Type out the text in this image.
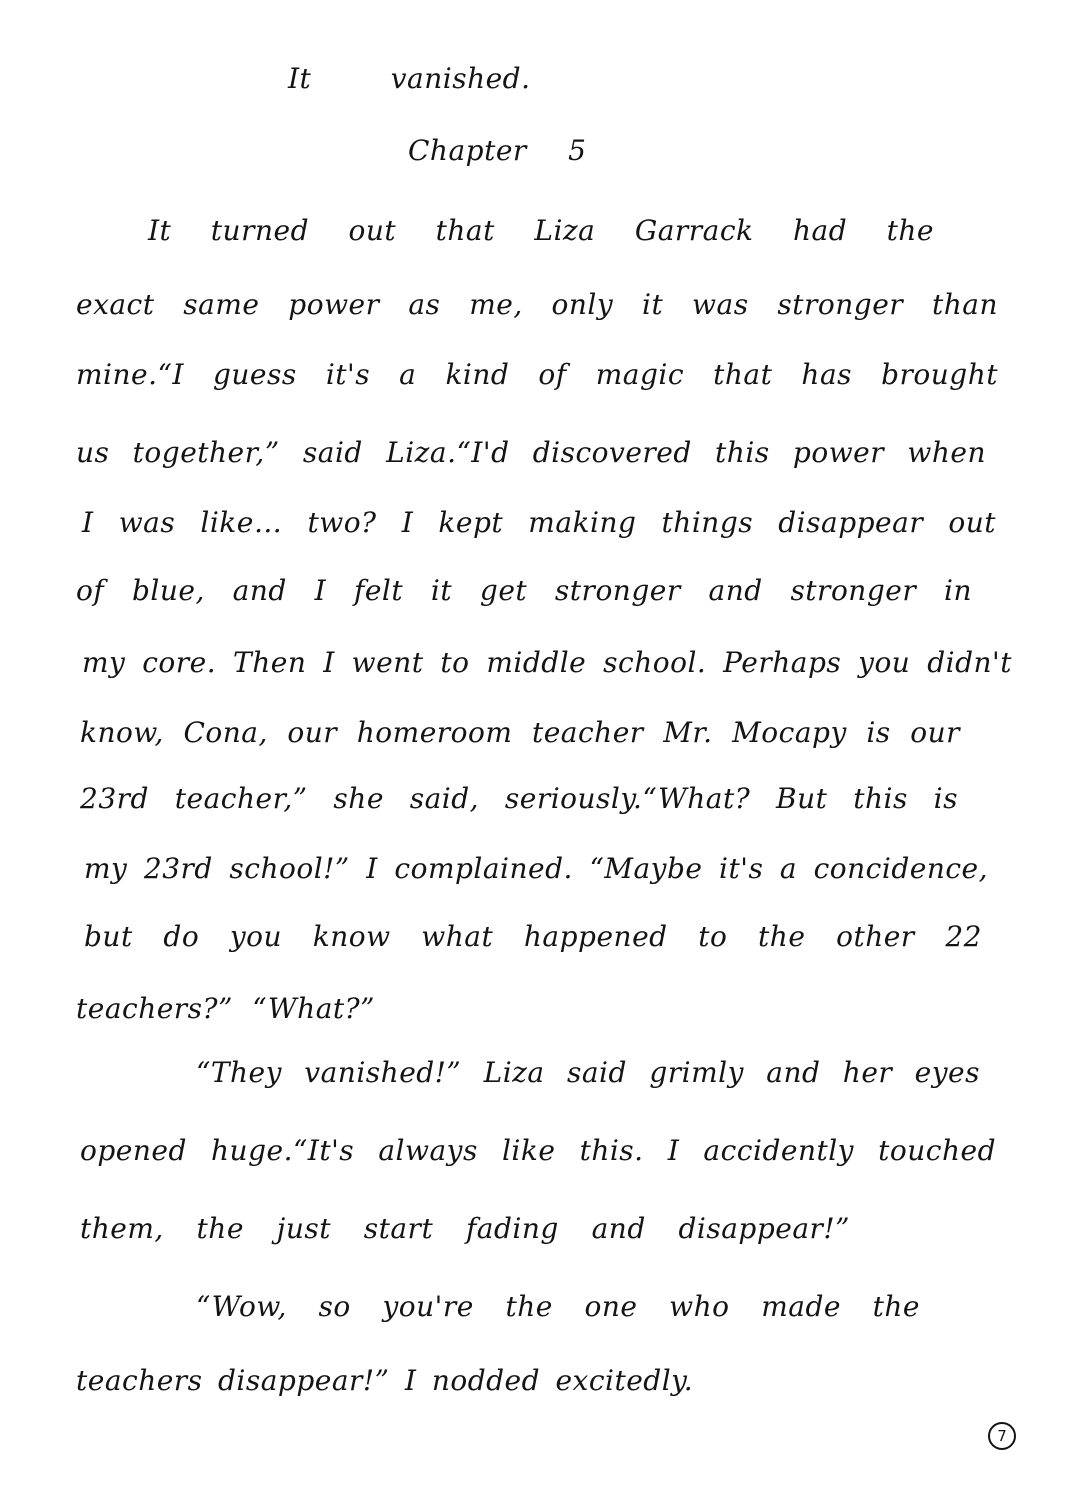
It vanished.
Chapter 5
It turned out that Liza Garrack had the
exact same power as me, only it was stronger than
mine.“I guess it's a kind of magic that has brought
us together,” said Liza.“I'd discovered this power when
I was like… two? I kept making things disappear out
of blue, and I felt it get stronger and stronger in
my core. Then I went to middle school. Perhaps you didn't
know, Cona, our homeroom teacher Mr. Mocapy is our
23rd teacher,” she said, seriously.“What? But this is
my 23rd school!” I complained. “Maybe it's a concidence,
but do you know what happened to the other 22
teachers?” “What?”
“They vanished!” Liza said grimly and her eyes
opened huge.“It's always like this. I accidently touched
them, the just start fading and disappear!”
“Wow, so you're the one who made the
teachers disappear!” I nodded excitedly.
7
